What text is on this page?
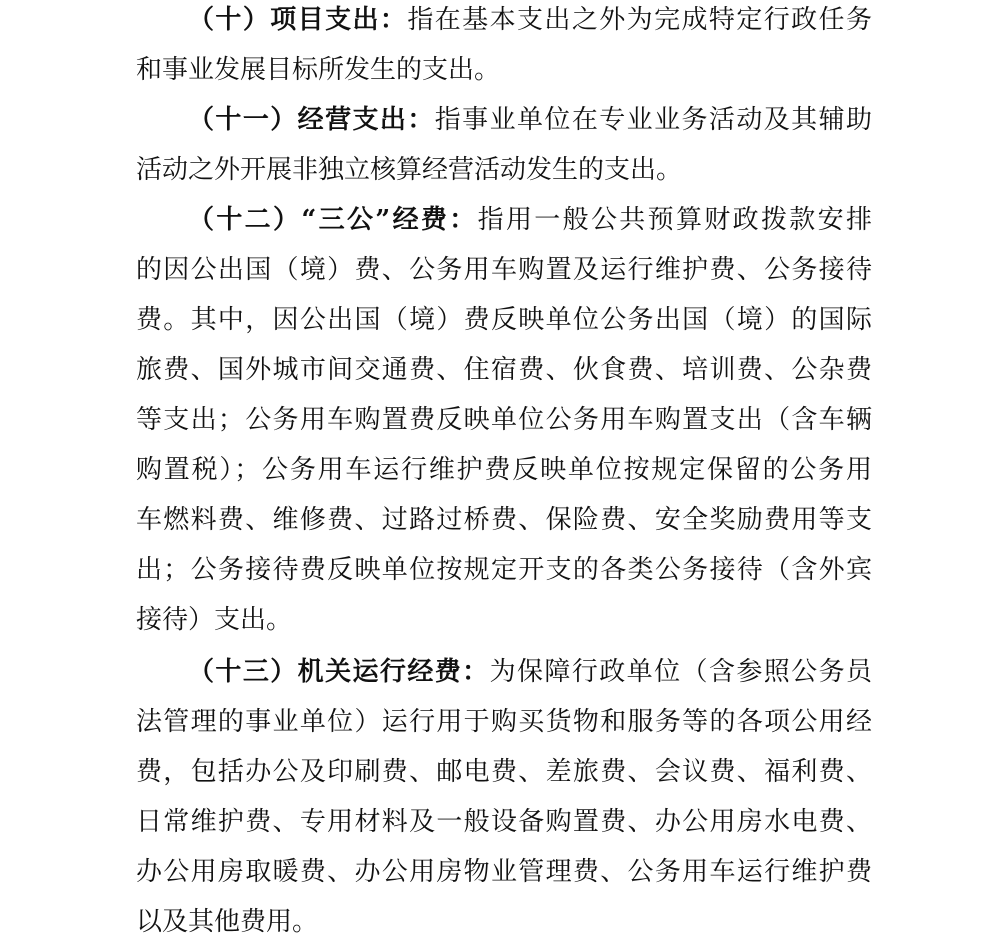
（十）项目支出：指在基本支出之外为完成特定行政任务
和事业发展目标所发生的支出。
（十一）经营支出：指事业单位在专业业务活动及其辅助
活动之外开展非独立核算经营活动发生的支出。
（十二）“三公”经费：指用一般公共预算财政拨款安排
的因公出国（境）费、公务用车购置及运行维护费、公务接待
费。其中，因公出国（境）费反映单位公务出国（境）的国际
旅费、国外城市间交通费、住宿费、伙食费、培训费、公杂费
等支出；公务用车购置费反映单位公务用车购置支出（含车辆
购置税）；公务用车运行维护费反映单位按规定保留的公务用
车燃料费、维修费、过路过桥费、保险费、安全奖励费用等支
出；公务接待费反映单位按规定开支的各类公务接待（含外宾
接待）支出。
（十三）机关运行经费：为保障行政单位（含参照公务员
法管理的事业单位）运行用于购买货物和服务等的各项公用经
费，包括办公及印刷费、邮电费、差旅费、会议费、福利费、
日常维护费、专用材料及一般设备购置费、办公用房水电费、
办公用房取暖费、办公用房物业管理费、公务用车运行维护费
以及其他费用。
